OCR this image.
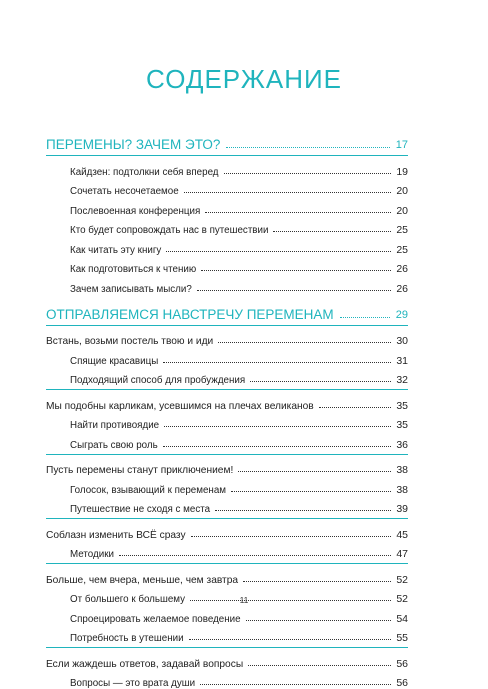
СОДЕРЖАНИЕ
ПЕРЕМЕНЫ? ЗАЧЕМ ЭТО?	17
Кайдзен: подтолкни себя вперед	19
Сочетать несочетаемое	20
Послевоенная конференция	20
Кто будет сопровождать нас в путешествии	25
Как читать эту книгу	25
Как подготовиться к чтению	26
Зачем записывать мысли?	26
ОТПРАВЛЯЕМСЯ НАВСТРЕЧУ ПЕРЕМЕНАМ	29
Встань, возьми постель твою и иди	30
Спящие красавицы	31
Подходящий способ для пробуждения	32
Мы подобны карликам, усевшимся на плечах великанов	35
Найти противоядие	35
Сыграть свою роль	36
Пусть перемены станут приключением!	38
Голосок, взывающий к переменам	38
Путешествие не сходя с места	39
Соблазн изменить ВСЁ сразу	45
Методики	47
Больше, чем вчера, меньше, чем завтра	52
От большего к большему	52
Спроецировать желаемое поведение	54
Потребность в утешении	55
Если жаждешь ответов, задавай вопросы	56
Вопросы — это врата души	56
11
